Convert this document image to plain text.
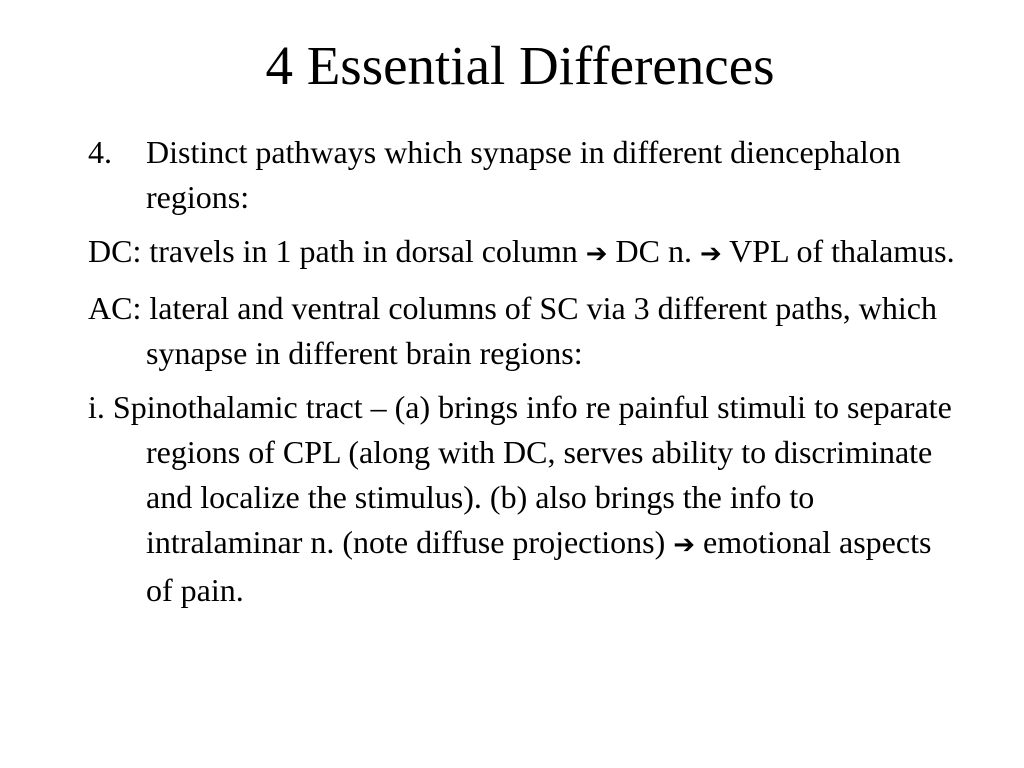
4 Essential Differences

4. Distinct pathways which synapse in different diencephalon regions:

DC: travels in 1 path in dorsal column ➔ DC n. ➔ VPL of thalamus.

AC: lateral and ventral columns of SC via 3 different paths, which synapse in different brain regions:

i. Spinothalamic tract – (a) brings info re painful stimuli to separate regions of CPL (along with DC, serves ability to discriminate and localize the stimulus). (b) also brings the info to intralaminar n. (note diffuse projections) ➔ emotional aspects of pain.
